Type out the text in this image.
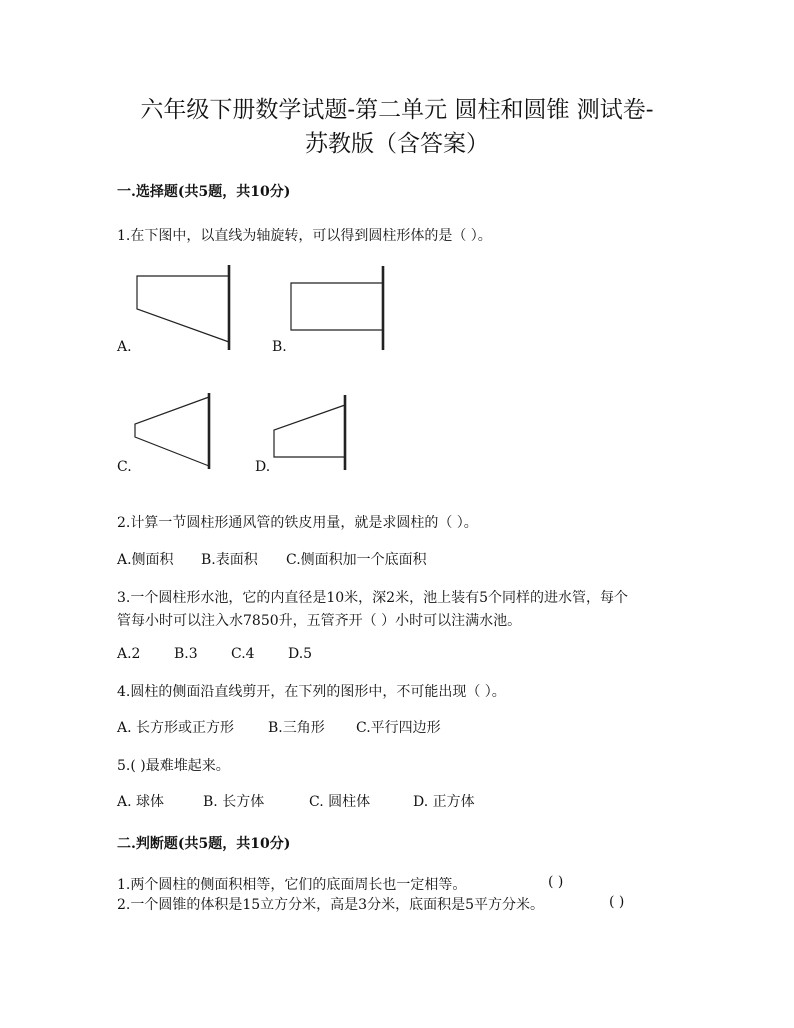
六年级下册数学试题-第二单元 圆柱和圆锥 测试卷-
苏教版（含答案）
一.选择题(共5题，共10分)
1.在下图中，以直线为轴旋转，可以得到圆柱形体的是（ ）。
A.	B.
C.	D.
2.计算一节圆柱形通风管的铁皮用量，就是求圆柱的（ ）。
A.侧面积 B.表面积 C.侧面积加一个底面积
3.一个圆柱形水池，它的内直径是10米，深2米，池上装有5个同样的进水管，每个
管每小时可以注入水7850升，五管齐开（ ）小时可以注满水池。
A.2 B.3 C.4 D.5
4.圆柱的侧面沿直线剪开，在下列的图形中，不可能出现（ ）。
A. 长方形或正方形 B.三角形 C.平行四边形
5.( )最难堆起来。
A. 球体	B. 长方体	C. 圆柱体	D. 正方体
二.判断题(共5题，共10分)
1.两个圆柱的侧面积相等，它们的底面周长也一定相等。	( )
2.一个圆锥的体积是15立方分米，高是3分米，底面积是5平方分米。	( )
